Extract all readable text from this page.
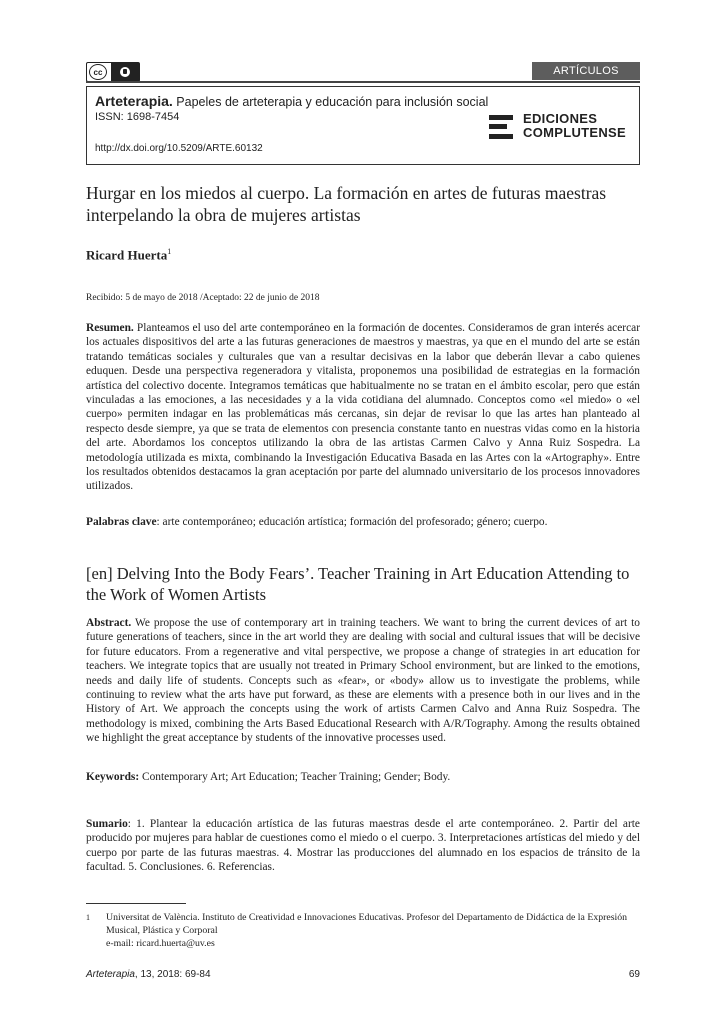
cc	ARTÍCULOS
Arteterapia. Papeles de arteterapia y educación para inclusión social
ISSN: 1698-7454
http://dx.doi.org/10.5209/ARTE.60132
EDICIONES
COMPLUTENSE
Hurgar en los miedos al cuerpo. La formación en artes de futuras maestras interpelando la obra de mujeres artistas
Ricard Huerta$^1$
Recibido: 5 de mayo de 2018 /Aceptado: 22 de junio de 2018
Resumen. Planteamos el uso del arte contemporáneo en la formación de docentes. Consideramos de gran interés acercar los actuales dispositivos del arte a las futuras generaciones de maestros y maestras, ya que en el mundo del arte se están tratando temáticas sociales y culturales que van a resultar decisivas en la labor que deberán llevar a cabo quienes eduquen. Desde una perspectiva regeneradora y vitalista, proponemos una posibilidad de estrategias en la formación artística del colectivo docente. Integramos temáticas que habitualmente no se tratan en el ámbito escolar, pero que están vinculadas a las emociones, a las necesidades y a la vida cotidiana del alumnado. Conceptos como «el miedo» o «el cuerpo» permiten indagar en las problemáticas más cercanas, sin dejar de revisar lo que las artes han planteado al respecto desde siempre, ya que se trata de elementos con presencia constante tanto en nuestras vidas como en la historia del arte. Abordamos los conceptos utilizando la obra de las artistas Carmen Calvo y Anna Ruiz Sospedra. La metodología utilizada es mixta, combinando la Investigación Educativa Basada en las Artes con la «Artography». Entre los resultados obtenidos destacamos la gran aceptación por parte del alumnado universitario de los procesos innovadores utilizados.
Palabras clave: arte contemporáneo; educación artística; formación del profesorado; género; cuerpo.
[en] Delving Into the Body Fears’. Teacher Training in Art Education Attending to the Work of Women Artists
Abstract. We propose the use of contemporary art in training teachers. We want to bring the current devices of art to future generations of teachers, since in the art world they are dealing with social and cultural issues that will be decisive for future educators. From a regenerative and vital perspective, we propose a change of strategies in art education for teachers. We integrate topics that are usually not treated in Primary School environment, but are linked to the emotions, needs and daily life of students. Concepts such as «fear», or «body» allow us to investigate the problems, while continuing to review what the arts have put forward, as these are elements with a presence both in our lives and in the History of Art. We approach the concepts using the work of artists Carmen Calvo and Anna Ruiz Sospedra. The methodology is mixed, combining the Arts Based Educational Research with A/R/Tography. Among the results obtained we highlight the great acceptance by students of the innovative processes used.
Keywords: Contemporary Art; Art Education; Teacher Training; Gender; Body.
Sumario: 1. Plantear la educación artística de las futuras maestras desde el arte contemporáneo. 2. Partir del arte producido por mujeres para hablar de cuestiones como el miedo o el cuerpo. 3. Interpretaciones artísticas del miedo y del cuerpo por parte de las futuras maestras. 4. Mostrar las producciones del alumnado en los espacios de tránsito de la facultad. 5. Conclusiones. 6. Referencias.
1 Universitat de València. Instituto de Creatividad e Innovaciones Educativas. Profesor del Departamento de Didáctica de la Expresión Musical, Plástica y Corporal
e-mail: ricard.huerta@uv.es
Arteterapia, 13, 2018: 69-84	69
